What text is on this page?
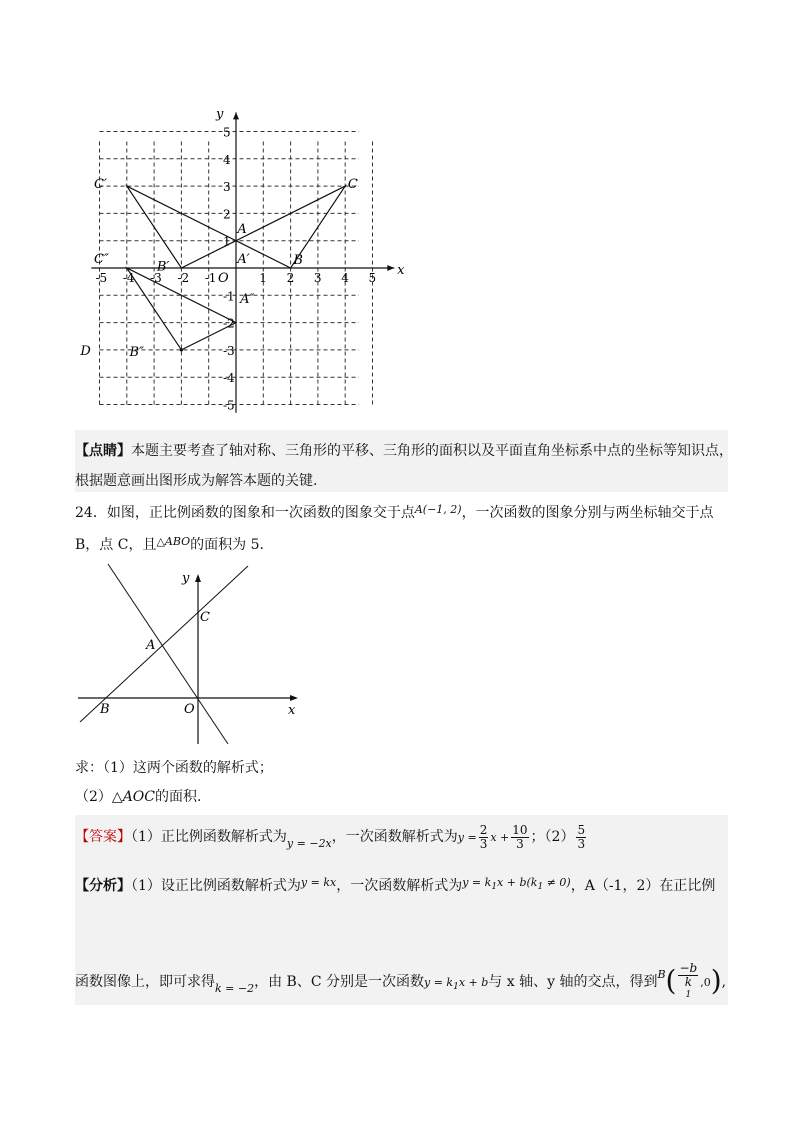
x
y
-5 -4 -3 -2 -1	1 2 3 4 5
5
4
3
2
1
-1
-2
-3
-4
-5
O
C
C′
C″
A
A′
A″
B
B′
B″
D
【点睛】本题主要考查了轴对称、三角形的平移、三角形的面积以及平面直角坐标系中点的坐标等知识点，
根据题意画出图形成为解答本题的关键.
24．如图，正比例函数的图象和一次函数的图象交于点$^{A(-1, 2)}$，一次函数的图象分别与两坐标轴交于点
B，点 C，且$^{\triangle ABO}$的面积为 5.
x
y
A
B
C
O
求：（1）这两个函数的解析式；
（2）△AOC的面积.
【答案】（1）正比例函数解析式为$_{y = -2x}$，一次函数解析式为$y = \frac{2}{3}$ $x + \frac{10}{3}$ ；$(2) \frac{5}{3}$
【分析】（1）设正比例函数解析式为$^{y = kx}$，一次函数解析式为$^{y = k_1x + b(k_1 \ne 0)}$，A（-1，2）在正比例
函数图像上，即可求得$_{k = -2}$，由 B、C 分别是一次函数$y = k_1x + b$与 x 轴、y 轴的交点，得到$^B$( −b
k
1 ,0),
